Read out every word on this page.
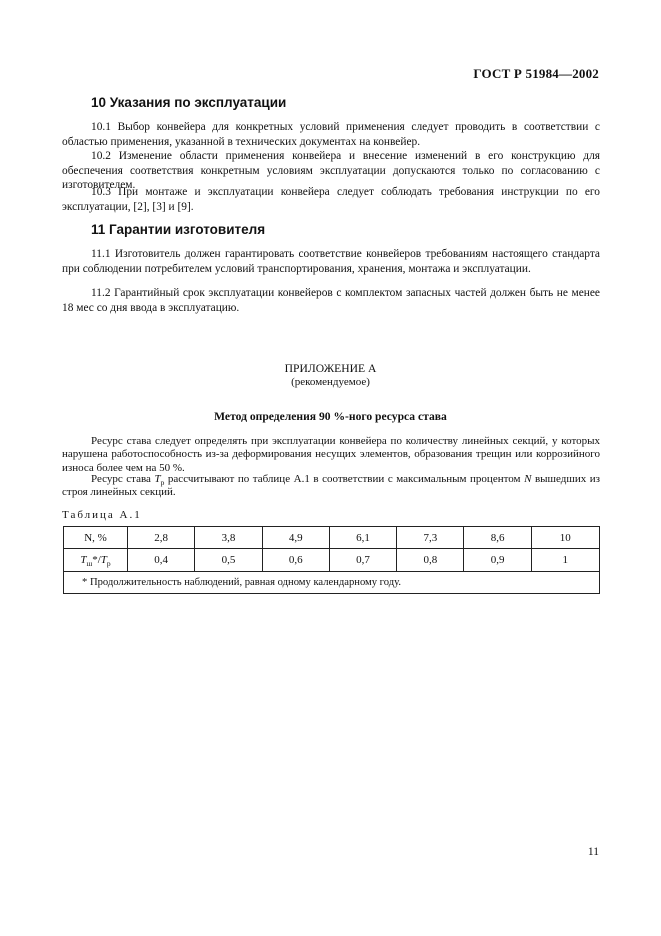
ГОСТ Р 51984—2002
10 Указания по эксплуатации

10.1 Выбор конвейера для конкретных условий применения следует проводить в соответствии с областью применения, указанной в технических документах на конвейер.

10.2 Изменение области применения конвейера и внесение изменений в его конструкцию для обеспечения соответствия конкретным условиям эксплуатации допускаются только по согласованию с изготовителем.

10.3 При монтаже и эксплуатации конвейера следует соблюдать требования инструкции по его эксплуатации, [2], [3] и [9].

11 Гарантии изготовителя

11.1 Изготовитель должен гарантировать соответствие конвейеров требованиям настоящего стандарта при соблюдении потребителем условий транспортирования, хранения, монтажа и эксплуатации.

11.2 Гарантийный срок эксплуатации конвейеров с комплектом запасных частей должен быть не менее 18 мес со дня ввода в эксплуатацию.

ПРИЛОЖЕНИЕ А
(рекомендуемое)
Метод определения 90 %-ного ресурса става

Ресурс става следует определять при эксплуатации конвейера по количеству линейных секций, у которых нарушена работоспособность из-за деформирования несущих элементов, образования трещин или коррозийного износа более чем на 50 %.

Ресурс става $T_р$ рассчитывают по таблице А.1 в соответствии с максимальным процентом N вышедших из строя линейных секций.

Таблица А.1
N, %	2,8	3,8	4,9	6,1	7,3	8,6	10
T ш */ T р	0,4	0,5	0,6	0,7	0,8	0,9	1
* Продолжительность наблюдений, равная одному календарному году.
11
